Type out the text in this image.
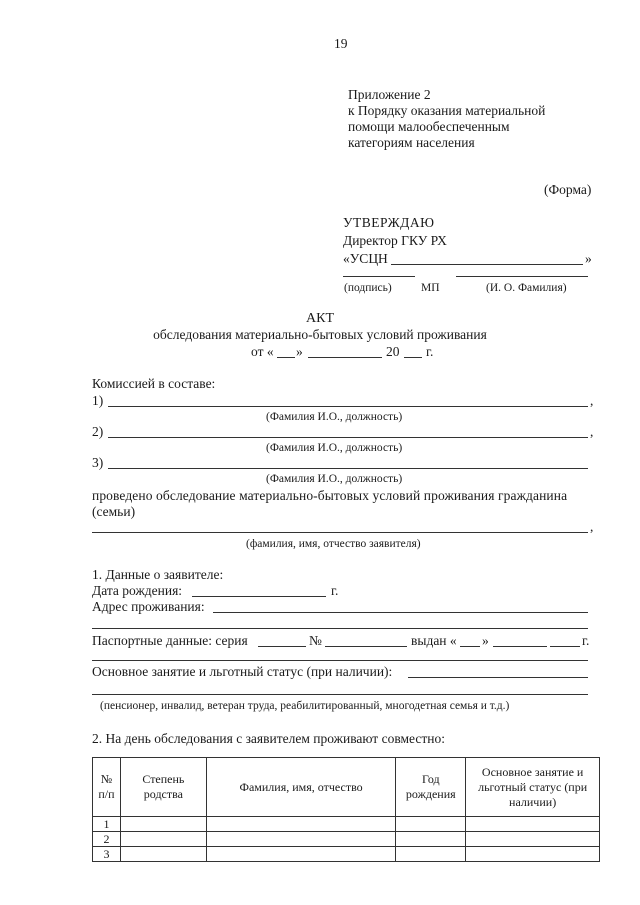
19
Приложение 2
к Порядку оказания материальной
помощи малообеспеченным
категориям населения
(Форма)
УТВЕРЖДАЮ
Директор ГКУ РХ
«УСЦН	»
(подпись)	МП	(И. О. Фамилия)
АКТ
обследования материально-бытовых условий проживания
от « »	20 г.
Комиссией в составе:
1)	,
(Фамилия И.О., должность)
2)	,
(Фамилия И.О., должность)
3)
(Фамилия И.О., должность)
проведено обследование материально-бытовых условий проживания гражданина
(семьи)
,
(фамилия, имя, отчество заявителя)
1. Данные о заявителе:
Дата рождения:	г.
Адрес проживания:
Паспортные данные: серия	№	выдан « »	г.
Основное занятие и льготный статус (при наличии):
(пенсионер, инвалид, ветеран труда, реабилитированный, многодетная семья и т.д.)
2. На день обследования с заявителем проживают совместно:
№ п/п	Степень родства	Фамилия, имя, отчество	Год рождения	Основное занятие и льготный статус (при наличии)
1				
2				
3				
